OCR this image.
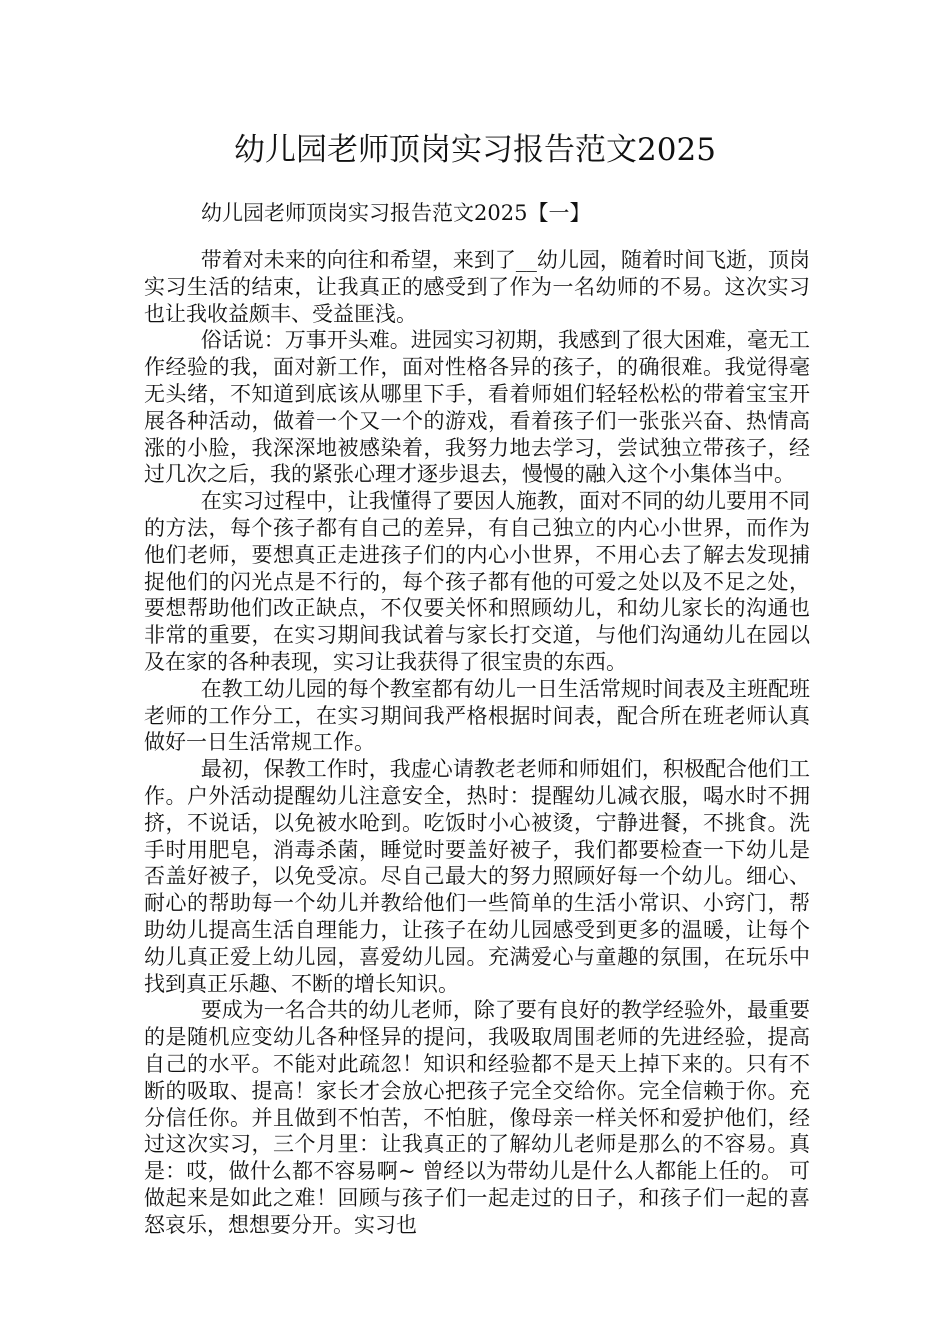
幼儿园老师顶岗实习报告范文2025
幼儿园老师顶岗实习报告范文2025【一】

带着对未来的向往和希望，来到了__幼儿园，随着时间飞逝，顶岗实习生活的结束，让我真正的感受到了作为一名幼师的不易。这次实习也让我收益颇丰、受益匪浅。

俗话说：万事开头难。进园实习初期，我感到了很大困难，毫无工作经验的我，面对新工作，面对性格各异的孩子，的确很难。我觉得毫无头绪，不知道到底该从哪里下手，看着师姐们轻轻松松的带着宝宝开展各种活动，做着一个又一个的游戏，看着孩子们一张张兴奋、热情高涨的小脸，我深深地被感染着，我努力地去学习，尝试独立带孩子，经过几次之后，我的紧张心理才逐步退去，慢慢的融入这个小集体当中。

在实习过程中，让我懂得了要因人施教，面对不同的幼儿要用不同的方法，每个孩子都有自己的差异，有自己独立的内心小世界，而作为他们老师，要想真正走进孩子们的内心小世界，不用心去了解去发现捕捉他们的闪光点是不行的，每个孩子都有他的可爱之处以及不足之处，要想帮助他们改正缺点，不仅要关怀和照顾幼儿，和幼儿家长的沟通也非常的重要，在实习期间我试着与家长打交道，与他们沟通幼儿在园以及在家的各种表现，实习让我获得了很宝贵的东西。

在教工幼儿园的每个教室都有幼儿一日生活常规时间表及主班配班老师的工作分工，在实习期间我严格根据时间表，配合所在班老师认真做好一日生活常规工作。

最初，保教工作时，我虚心请教老老师和师姐们，积极配合他们工作。户外活动提醒幼儿注意安全，热时：提醒幼儿减衣服，喝水时不拥挤，不说话，以免被水呛到。吃饭时小心被烫，宁静进餐，不挑食。洗手时用肥皂，消毒杀菌，睡觉时要盖好被子，我们都要检查一下幼儿是否盖好被子，以免受凉。尽自己最大的努力照顾好每一个幼儿。细心、耐心的帮助每一个幼儿并教给他们一些简单的生活小常识、小窍门，帮助幼儿提高生活自理能力，让孩子在幼儿园感受到更多的温暖，让每个幼儿真正爱上幼儿园，喜爱幼儿园。充满爱心与童趣的氛围，在玩乐中找到真正乐趣、不断的增长知识。

要成为一名合共的幼儿老师，除了要有良好的教学经验外，最重要的是随机应变幼儿各种怪异的提问，我吸取周围老师的先进经验，提高自己的水平。不能对此疏忽！知识和经验都不是天上掉下来的。只有不断的吸取、提高！家长才会放心把孩子完全交给你。完全信赖于你。充分信任你。并且做到不怕苦，不怕脏，像母亲一样关怀和爱护他们，经过这次实习，三个月里：让我真正的了解幼儿老师是那么的不容易。真是：哎，做什么都不容易啊~ 曾经以为带幼儿是什么人都能上任的。 可做起来是如此之难！回顾与孩子们一起走过的日子，和孩子们一起的喜怒哀乐，想想要分开。实习也
